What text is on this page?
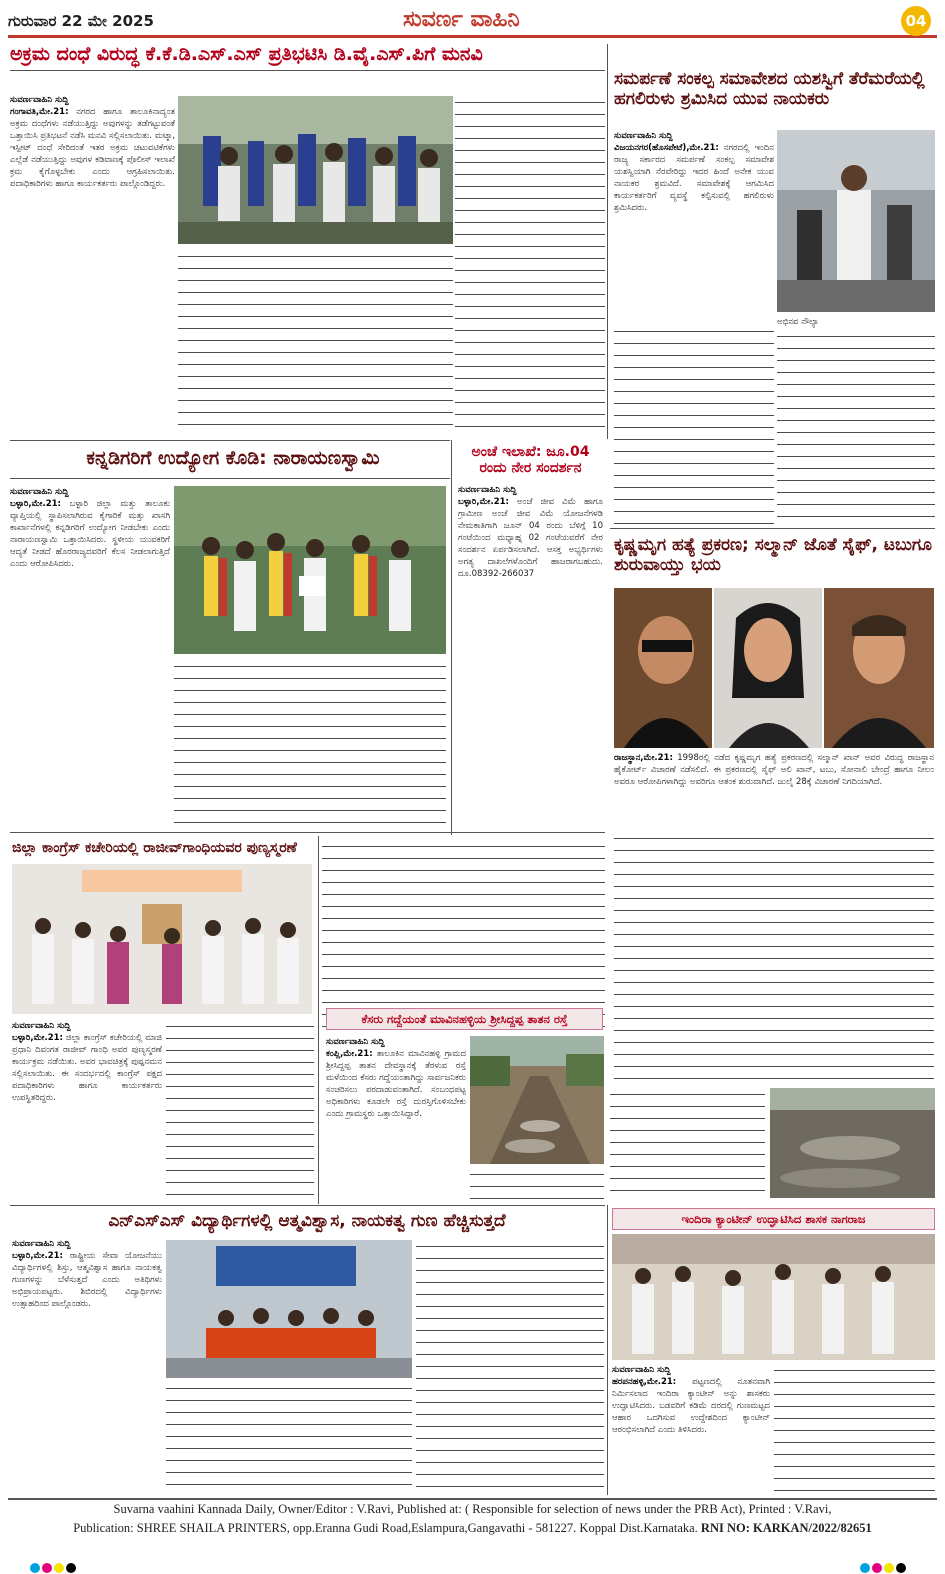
ಗುರುವಾರ 22 ಮೇ 2025	ಸುವರ್ಣ ವಾಹಿನಿ	04
ಅಕ್ರಮ ದಂಧೆ ವಿರುದ್ಧ ಕೆ.ಕೆ.ಡಿ.ಎಸ್.ಎಸ್ ಪ್ರತಿಭಟಿಸಿ ಡಿ.ವೈ.ಎಸ್.ಪಿಗೆ ಮನವಿ
ಸುವರ್ಣವಾಹಿನಿ ಸುದ್ದಿ
ಗಂಗಾವತಿ,ಮೇ.21: ನಗರದ ಹಾಗೂ ತಾಲೂಕಿನಾದ್ಯಂತ ಅಕ್ರಮ ದಂಧೆಗಳು ನಡೆಯುತ್ತಿದ್ದು ಅವುಗಳನ್ನು ತಡೆಗಟ್ಟುವಂತೆ ಒತ್ತಾಯಿಸಿ ಪ್ರತಿಭಟನೆ ನಡೆಸಿ ಮನವಿ ಸಲ್ಲಿಸಲಾಯಿತು. ಮಟ್ಕಾ, ಇಸ್ಪೀಟ್ ದಂಧೆ ಸೇರಿದಂತೆ ಇತರ ಅಕ್ರಮ ಚಟುವಟಿಕೆಗಳು ಎಲ್ಲೆಡೆ ನಡೆಯುತ್ತಿದ್ದು ಅವುಗಳ ಕಡಿವಾಣಕ್ಕೆ ಪೊಲೀಸ್ ಇಲಾಖೆ ಕ್ರಮ ಕೈಗೊಳ್ಳಬೇಕು ಎಂದು ಆಗ್ರಹಿಸಲಾಯಿತು. ಪದಾಧಿಕಾರಿಗಳು ಹಾಗೂ ಕಾರ್ಯಕರ್ತರು ಪಾಲ್ಗೊಂಡಿದ್ದರು.
ಸಮರ್ಪಣೆ ಸಂಕಲ್ಪ ಸಮಾವೇಶದ ಯಶಸ್ವಿಗೆ ತೆರೆಮರೆಯಲ್ಲಿ ಹಗಲಿರುಳು ಶ್ರಮಿಸಿದ ಯುವ ನಾಯಕರು
ಸುವರ್ಣವಾಹಿನಿ ಸುದ್ದಿ
ವಿಜಯನಗರ(ಹೊಸಪೇಟೆ),ಮೇ.21: ನಗರದಲ್ಲಿ ಇಂದಿನ ರಾಜ್ಯ ಸರ್ಕಾರದ ಸಮರ್ಪಣೆ ಸಂಕಲ್ಪ ಸಮಾವೇಶ ಯಶಸ್ವಿಯಾಗಿ ನೆರವೇರಿದ್ದು ಇದರ ಹಿಂದೆ ಅನೇಕ ಯುವ ನಾಯಕರ ಶ್ರಮವಿದೆ. ಸಮಾವೇಶಕ್ಕೆ ಆಗಮಿಸಿದ ಕಾರ್ಯಕರ್ತರಿಗೆ ವ್ಯವಸ್ಥೆ ಕಲ್ಪಿಸುವಲ್ಲಿ ಹಗಲಿರುಳು ಶ್ರಮಿಸಿದರು.
ಅಭಿನವ ನೌಲ್ಯಾ
ಕನ್ನಡಿಗರಿಗೆ ಉದ್ಯೋಗ ಕೊಡಿ: ನಾರಾಯಣಸ್ವಾಮಿ
ಸುವರ್ಣವಾಹಿನಿ ಸುದ್ದಿ
ಬಳ್ಳಾರಿ,ಮೇ.21: ಬಳ್ಳಾರಿ ಜಿಲ್ಲಾ ಮತ್ತು ತಾಲೂಕು ವ್ಯಾಪ್ತಿಯಲ್ಲಿ ಸ್ಥಾಪಿಸಲಾಗಿರುವ ಕೈಗಾರಿಕೆ ಮತ್ತು ಖಾಸಗಿ ಕಾರ್ಖಾನೆಗಳಲ್ಲಿ ಕನ್ನಡಿಗರಿಗೆ ಉದ್ಯೋಗ ನೀಡಬೇಕು ಎಂದು ನಾರಾಯಣಸ್ವಾಮಿ ಒತ್ತಾಯಿಸಿದರು. ಸ್ಥಳೀಯ ಯುವಕರಿಗೆ ಆದ್ಯತೆ ನೀಡದೆ ಹೊರರಾಜ್ಯದವರಿಗೆ ಕೆಲಸ ನೀಡಲಾಗುತ್ತಿದೆ ಎಂದು ಆರೋಪಿಸಿದರು.
ಅಂಚೆ ಇಲಾಖೆ: ಜೂ.04 ರಂದು ನೇರ ಸಂದರ್ಶನ
ಸುವರ್ಣವಾಹಿನಿ ಸುದ್ದಿ
ಬಳ್ಳಾರಿ,ಮೇ.21: ಅಂಚೆ ಜೀವ ವಿಮೆ ಹಾಗೂ ಗ್ರಾಮೀಣ ಅಂಚೆ ಜೀವ ವಿಮೆ ಯೋಜನೆಗಳಡಿ ನೇಮಕಾತಿಗಾಗಿ ಜೂನ್ 04 ರಂದು ಬೆಳಿಗ್ಗೆ 10 ಗಂಟೆಯಿಂದ ಮಧ್ಯಾಹ್ನ 02 ಗಂಟೆಯವರೆಗೆ ನೇರ ಸಂದರ್ಶನ ಏರ್ಪಡಿಸಲಾಗಿದೆ. ಆಸಕ್ತ ಅಭ್ಯರ್ಥಿಗಳು ಅಗತ್ಯ ದಾಖಲೆಗಳೊಂದಿಗೆ ಹಾಜರಾಗಬಹುದು. ದೂ.08392-266037
ಕೃಷ್ಣಮೃಗ ಹತ್ಯೆ ಪ್ರಕರಣ; ಸಲ್ಮಾನ್ ಜೊತೆ ಸೈಫ್, ಟಬುಗೂ ಶುರುವಾಯ್ತು ಭಯ
ರಾಜಸ್ಥಾನ,ಮೇ.21: 1998ರಲ್ಲಿ ನಡೆದ ಕೃಷ್ಣಮೃಗ ಹತ್ಯೆ ಪ್ರಕರಣದಲ್ಲಿ ಸಲ್ಮಾನ್ ಖಾನ್ ಅವರ ವಿರುದ್ಧ ರಾಜಸ್ಥಾನ ಹೈಕೋರ್ಟ್ ವಿಚಾರಣೆ ನಡೆಸಲಿದೆ. ಈ ಪ್ರಕರಣದಲ್ಲಿ ಸೈಫ್ ಅಲಿ ಖಾನ್, ಟಬು, ಸೋನಾಲಿ ಬೇಂದ್ರೆ ಹಾಗೂ ನೀಲಂ ಅವರೂ ಆರೋಪಿಗಳಾಗಿದ್ದು ಅವರಿಗೂ ಆತಂಕ ಶುರುವಾಗಿದೆ. ಜುಲೈ 28ಕ್ಕೆ ವಿಚಾರಣೆ ನಿಗದಿಯಾಗಿದೆ.
ಜಿಲ್ಲಾ ಕಾಂಗ್ರೆಸ್ ಕಚೇರಿಯಲ್ಲಿ ರಾಜೀವ್‌ಗಾಂಧಿಯವರ ಪುಣ್ಯಸ್ಮರಣೆ
ಸುವರ್ಣವಾಹಿನಿ ಸುದ್ದಿ
ಬಳ್ಳಾರಿ,ಮೇ.21: ಜಿಲ್ಲಾ ಕಾಂಗ್ರೆಸ್ ಕಚೇರಿಯಲ್ಲಿ ಮಾಜಿ ಪ್ರಧಾನಿ ದಿವಂಗತ ರಾಜೀವ್ ಗಾಂಧಿ ಅವರ ಪುಣ್ಯಸ್ಮರಣೆ ಕಾರ್ಯಕ್ರಮ ನಡೆಯಿತು. ಅವರ ಭಾವಚಿತ್ರಕ್ಕೆ ಪುಷ್ಪನಮನ ಸಲ್ಲಿಸಲಾಯಿತು. ಈ ಸಂದರ್ಭದಲ್ಲಿ ಕಾಂಗ್ರೆಸ್ ಪಕ್ಷದ ಪದಾಧಿಕಾರಿಗಳು ಹಾಗೂ ಕಾರ್ಯಕರ್ತರು ಉಪಸ್ಥಿತರಿದ್ದರು.
ಕೆಸರು ಗದ್ದೆಯಂತೆ ಮಾವಿನಹಳ್ಳಿಯ ಶ್ರೀಸಿದ್ದಪ್ಪ ತಾತನ ರಸ್ತೆ
ಸುವರ್ಣವಾಹಿನಿ ಸುದ್ದಿ
ಕಂಪ್ಲಿ,ಮೇ.21: ತಾಲೂಕಿನ ಮಾವಿನಹಳ್ಳಿ ಗ್ರಾಮದ ಶ್ರೀಸಿದ್ದಪ್ಪ ತಾತನ ದೇವಸ್ಥಾನಕ್ಕೆ ತೆರಳುವ ರಸ್ತೆ ಮಳೆಯಿಂದ ಕೆಸರು ಗದ್ದೆಯಂತಾಗಿದ್ದು ಸಾರ್ವಜನಿಕರು ಸಂಚರಿಸಲು ಪರದಾಡುವಂತಾಗಿದೆ. ಸಂಬಂಧಪಟ್ಟ ಅಧಿಕಾರಿಗಳು ಕೂಡಲೇ ರಸ್ತೆ ದುರಸ್ತಿಗೊಳಿಸಬೇಕು ಎಂದು ಗ್ರಾಮಸ್ಥರು ಒತ್ತಾಯಿಸಿದ್ದಾರೆ.
ಎನ್‌ಎಸ್‌ಎಸ್ ವಿದ್ಯಾರ್ಥಿಗಳಲ್ಲಿ ಆತ್ಮವಿಶ್ವಾಸ, ನಾಯಕತ್ವ ಗುಣ ಹೆಚ್ಚಿಸುತ್ತದೆ
ಸುವರ್ಣವಾಹಿನಿ ಸುದ್ದಿ
ಬಳ್ಳಾರಿ,ಮೇ.21: ರಾಷ್ಟ್ರೀಯ ಸೇವಾ ಯೋಜನೆಯು ವಿದ್ಯಾರ್ಥಿಗಳಲ್ಲಿ ಶಿಸ್ತು, ಆತ್ಮವಿಶ್ವಾಸ ಹಾಗೂ ನಾಯಕತ್ವ ಗುಣಗಳನ್ನು ಬೆಳೆಸುತ್ತದೆ ಎಂದು ಅತಿಥಿಗಳು ಅಭಿಪ್ರಾಯಪಟ್ಟರು. ಶಿಬಿರದಲ್ಲಿ ವಿದ್ಯಾರ್ಥಿಗಳು ಉತ್ಸಾಹದಿಂದ ಪಾಲ್ಗೊಂಡರು.
ಇಂದಿರಾ ಕ್ಯಾಂಟೀನ್ ಉದ್ಘಾಟಿಸಿದ ಶಾಸಕ ನಾಗರಾಜ
ಸುವರ್ಣವಾಹಿನಿ ಸುದ್ದಿ
ಹರಪನಹಳ್ಳಿ,ಮೇ.21: ಪಟ್ಟಣದಲ್ಲಿ ನೂತನವಾಗಿ ನಿರ್ಮಿಸಲಾದ ಇಂದಿರಾ ಕ್ಯಾಂಟೀನ್ ಅನ್ನು ಶಾಸಕರು ಉದ್ಘಾಟಿಸಿದರು. ಬಡವರಿಗೆ ಕಡಿಮೆ ದರದಲ್ಲಿ ಗುಣಮಟ್ಟದ ಆಹಾರ ಒದಗಿಸುವ ಉದ್ದೇಶದಿಂದ ಕ್ಯಾಂಟೀನ್ ಆರಂಭಿಸಲಾಗಿದೆ ಎಂದು ತಿಳಿಸಿದರು.
Suvarna vaahini Kannada Daily, Owner/Editor : V.Ravi, Published at: ( Responsible for selection of news under the PRB Act), Printed : V.Ravi,
Publication: SHREE SHAILA PRINTERS, opp.Eranna Gudi Road,Eslampura,Gangavathi - 581227. Koppal Dist.Karnataka. RNI NO: KARKAN/2022/82651
